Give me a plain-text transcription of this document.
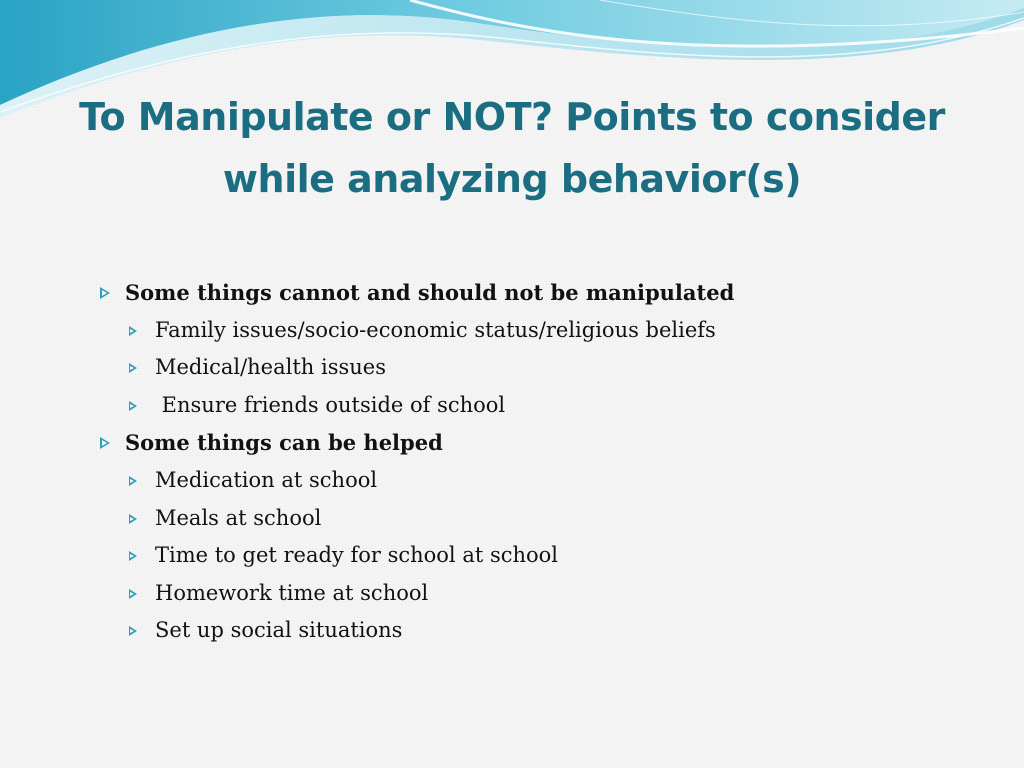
To Manipulate or NOT? Points to consider
while analyzing behavior(s)
Some things cannot and should not be manipulated
Family issues/socio-economic status/religious beliefs
Medical/health issues
Ensure friends outside of school
Some things can be helped
Medication at school
Meals at school
Time to get ready for school at school
Homework time at school
Set up social situations
